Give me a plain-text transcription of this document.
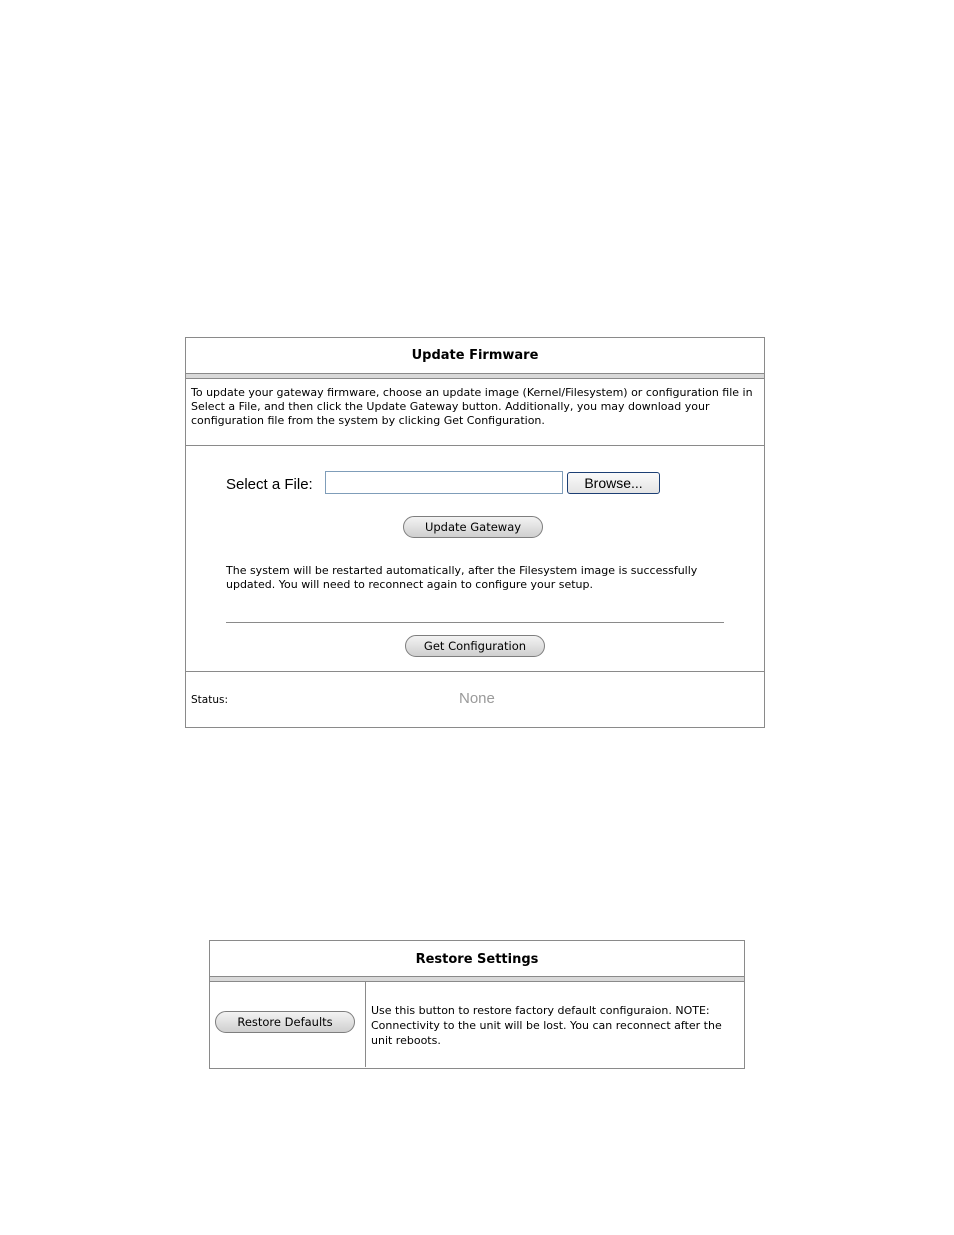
Update Firmware
To update your gateway firmware, choose an update image (Kernel/Filesystem) or configuration file in Select a File, and then click the Update Gateway button. Additionally, you may download your configuration file from the system by clicking Get Configuration.
Select a File:	Browse...
Update Gateway
The system will be restarted automatically, after the Filesystem image is successfully updated. You will need to reconnect again to configure your setup.
Get Configuration
Status:	None
Restore Settings
Restore Defaults
Use this button to restore factory default configuraion. NOTE: Connectivity to the unit will be lost. You can reconnect after the unit reboots.
